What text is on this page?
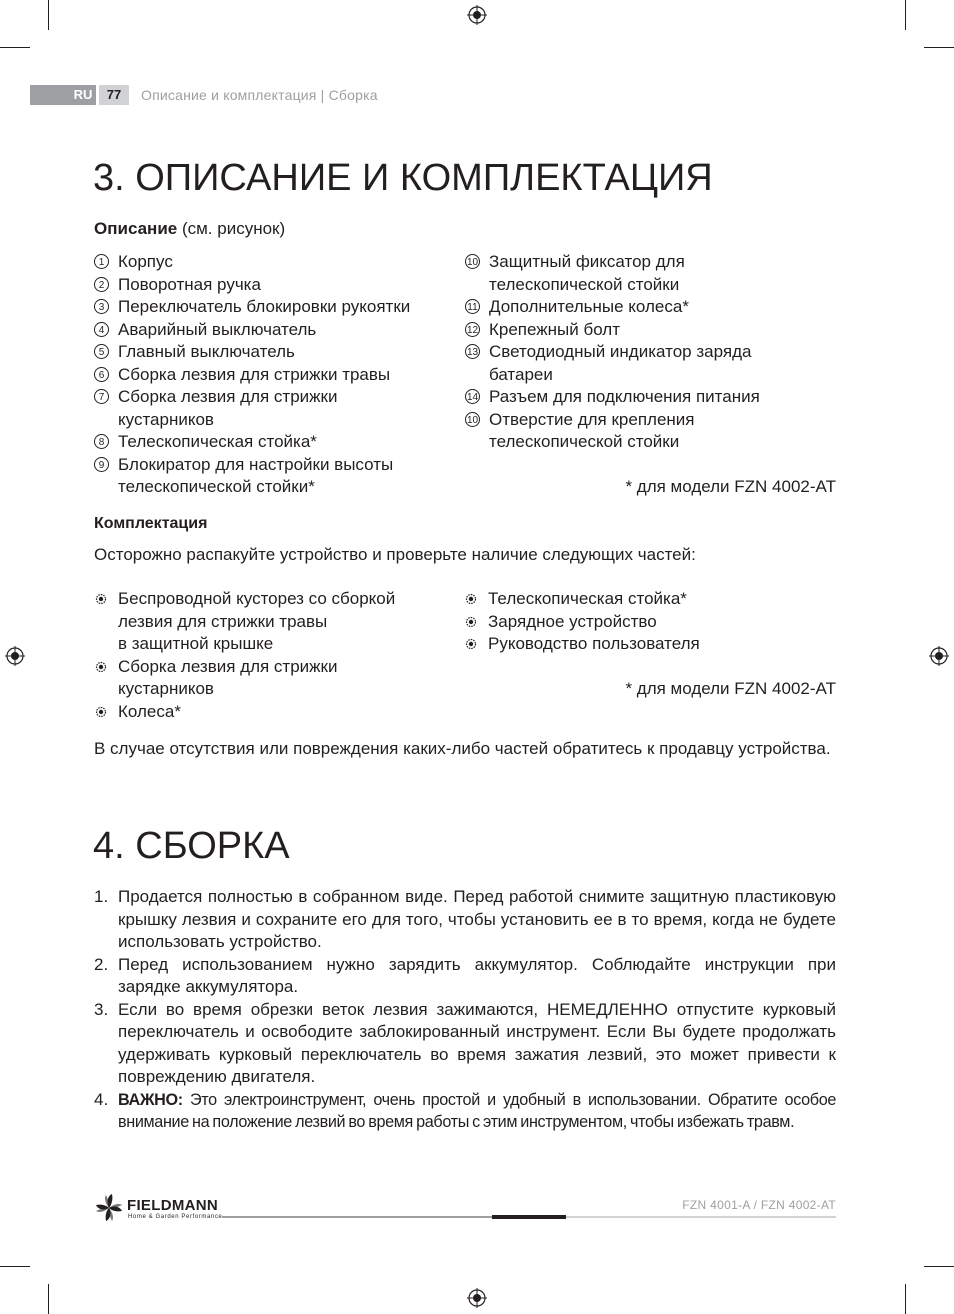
RU	77	Описание и комплектация | Сборка
3. ОПИСАНИЕ И КОМПЛЕКТАЦИЯ
Описание (см. рисунок)
1 Корпус
2 Поворотная ручка
3 Переключатель блокировки рукоятки
4 Аварийный выключатель
5 Главный выключатель
6 Сборка лезвия для стрижки травы
7 Сборка лезвия для стрижки
кустарников
8 Телескопическая стойка*
9 Блокиратор для настройки высоты
телескопической стойки*
10 Защитный фиксатор для
телескопической стойки
11 Дополнительные колеса*
12 Крепежный болт
13 Светодиодный индикатор заряда
батареи
14 Разъем для подключения питания
10 Отверстие для крепления
телескопической стойки
* для модели FZN 4002-AT
Комплектация
Осторожно распакуйте устройство и проверьте наличие следующих частей:
Беспроводной кусторез со сборкой
лезвия для стрижки травы
в защитной крышке
Сборка лезвия для стрижки
кустарников
Колеса*
Телескопическая стойка*
Зарядное устройство
Руководство пользователя
* для модели FZN 4002-AT
В случае отсутствия или повреждения каких-либо частей обратитесь к продавцу устройства.
4. СБОРКА
1. Продается полностью в собранном виде. Перед работой снимите защитную пластиковую крышку лезвия и сохраните его для того, чтобы установить ее в то время, когда не будете использовать устройство.
2. Перед использованием нужно зарядить аккумулятор. Соблюдайте инструкции при зарядке аккумулятора.
3. Если во время обрезки веток лезвия зажимаются, НЕМЕДЛЕННО отпустите курковый переключатель и освободите заблокированный инструмент. Если Вы будете продолжать удерживать курковый переключатель во время зажатия лезвий, это может привести к повреждению двигателя.
4. ВАЖНО: Это электроинструмент, очень простой и удобный в использовании. Обратите особое внимание на положение лезвий во время работы с этим инструментом, чтобы избежать травм.
FIELDMANN
Home & Garden Performance
FZN 4001-A / FZN 4002-AT
